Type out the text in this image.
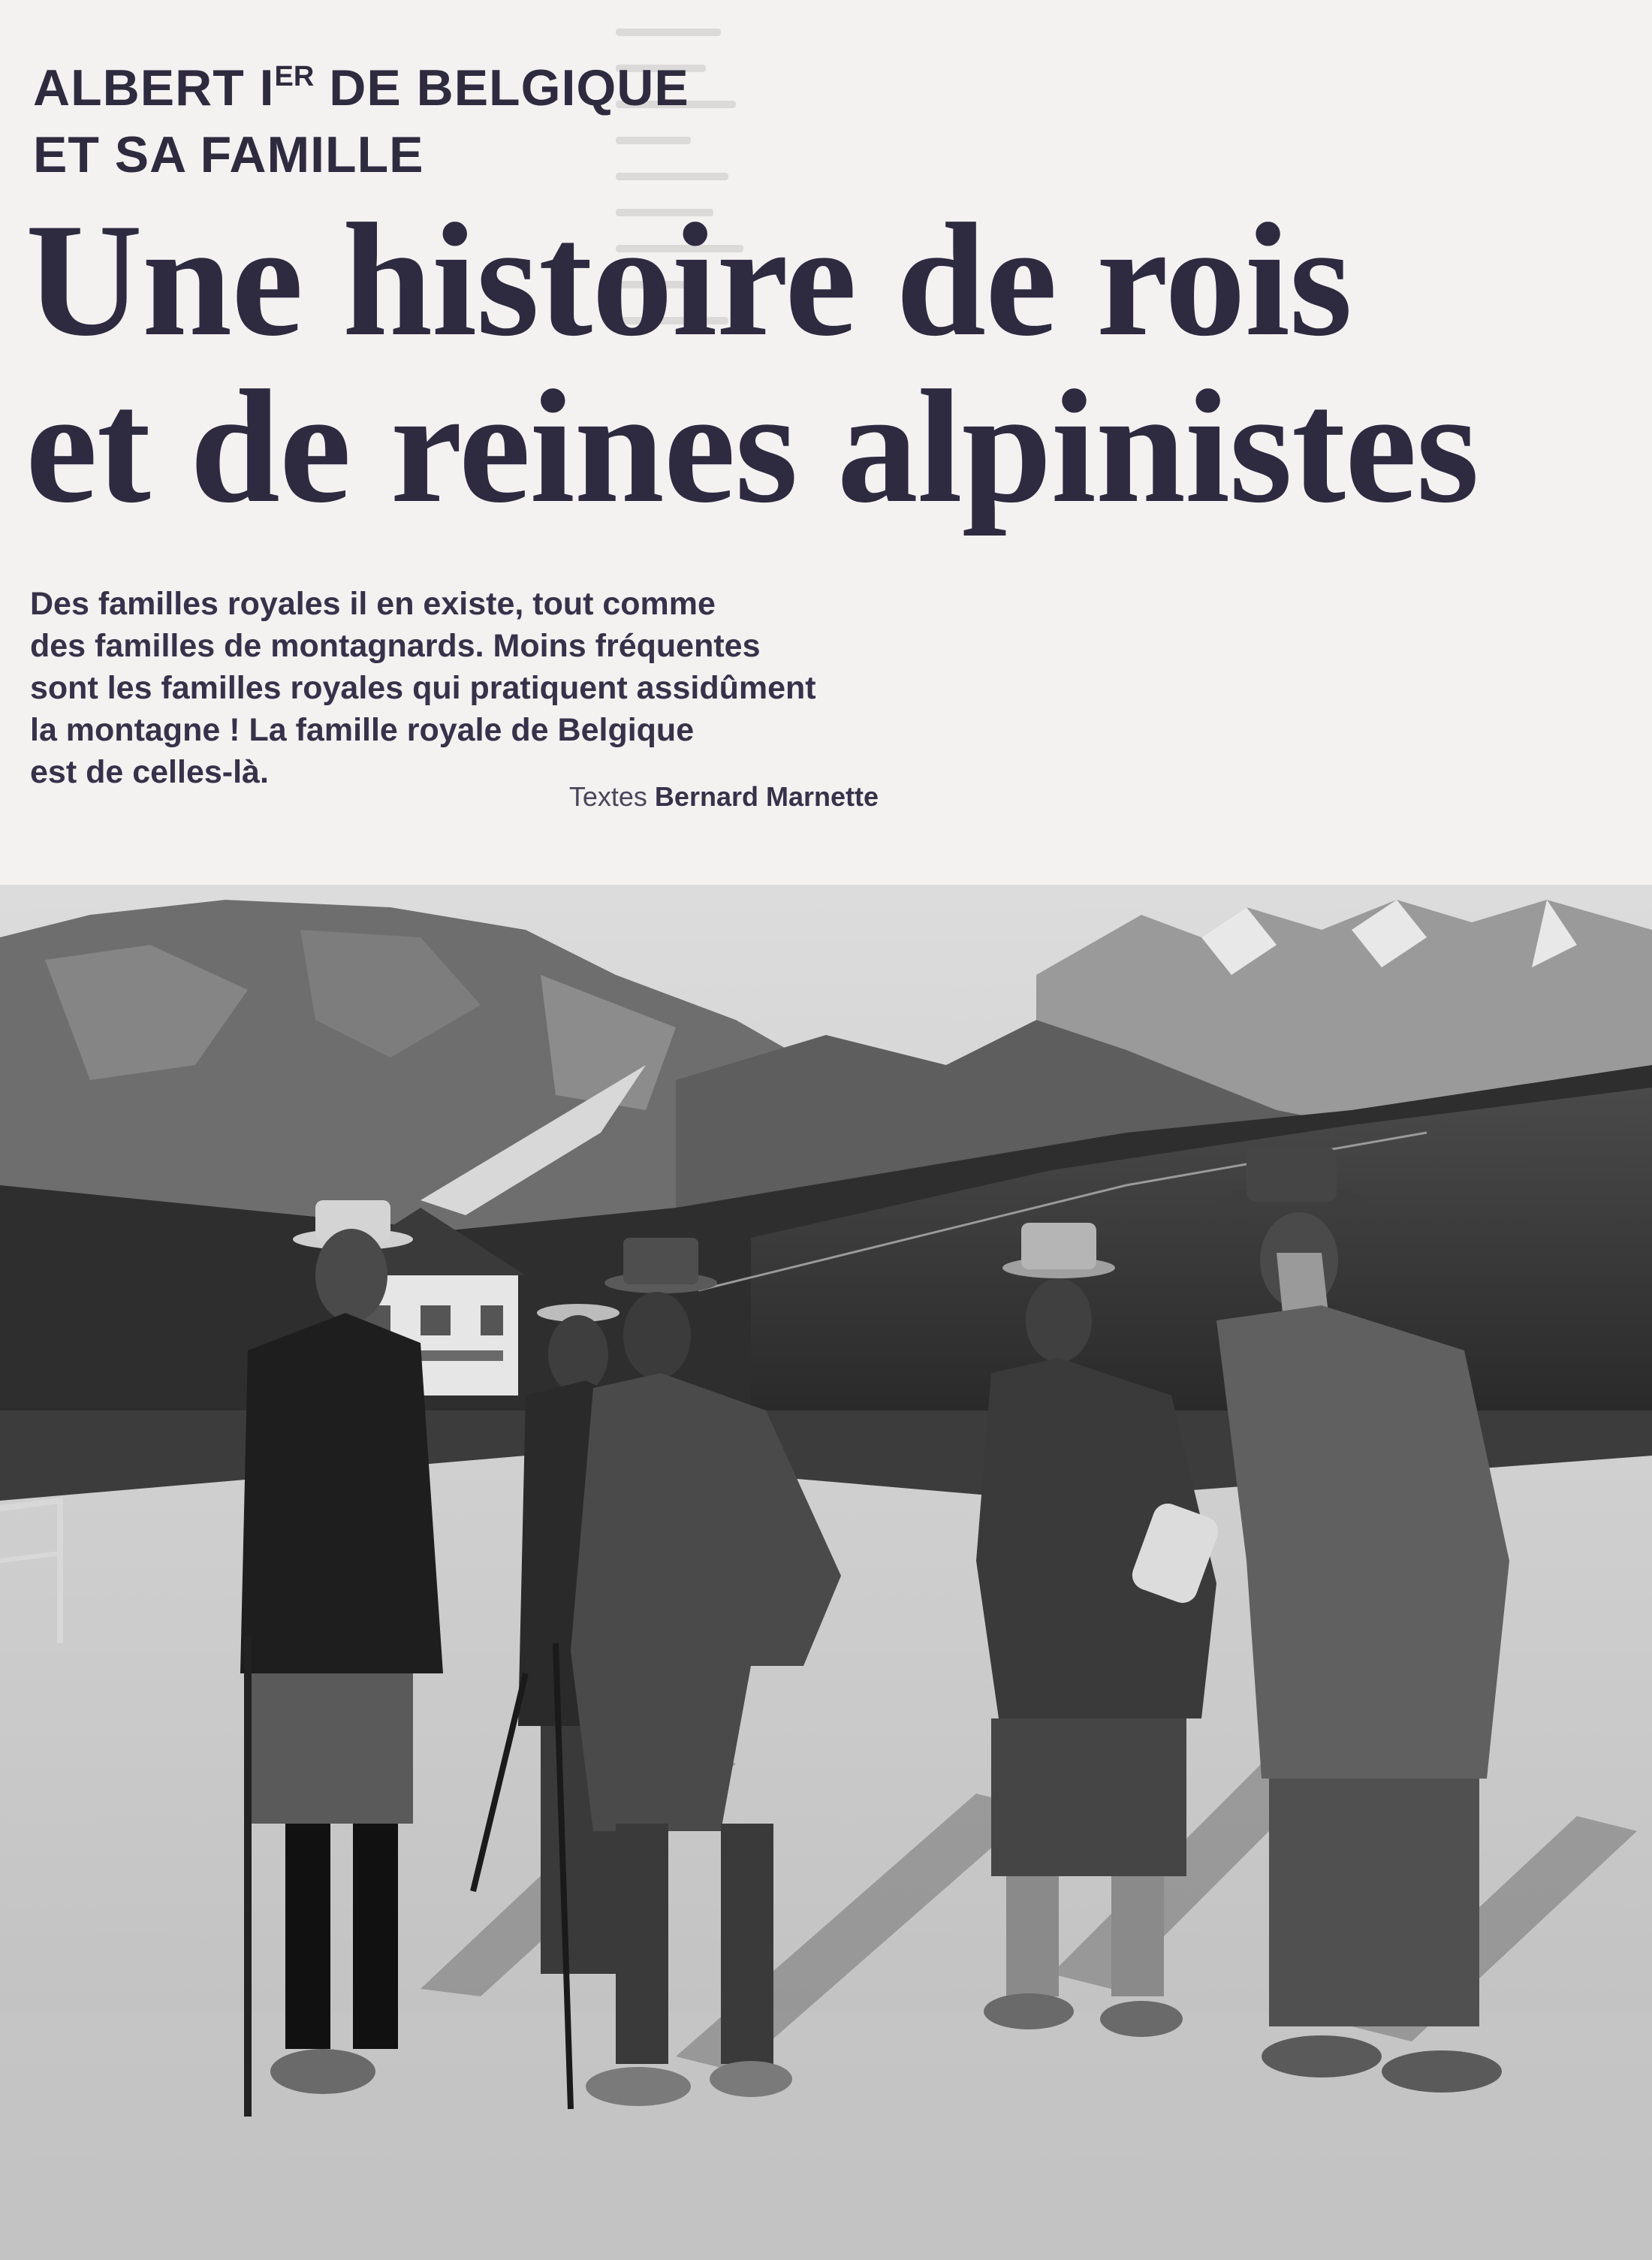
ALBERT IER DE BELGIQUE
ET SA FAMILLE
Une histoire de rois
et de reines alpinistes

Des familles royales il en existe, tout comme
des familles de montagnards. Moins fréquentes
sont les familles royales qui pratiquent assidûment
la montagne ! La famille royale de Belgique
est de celles-là.

Textes Bernard Marnette
